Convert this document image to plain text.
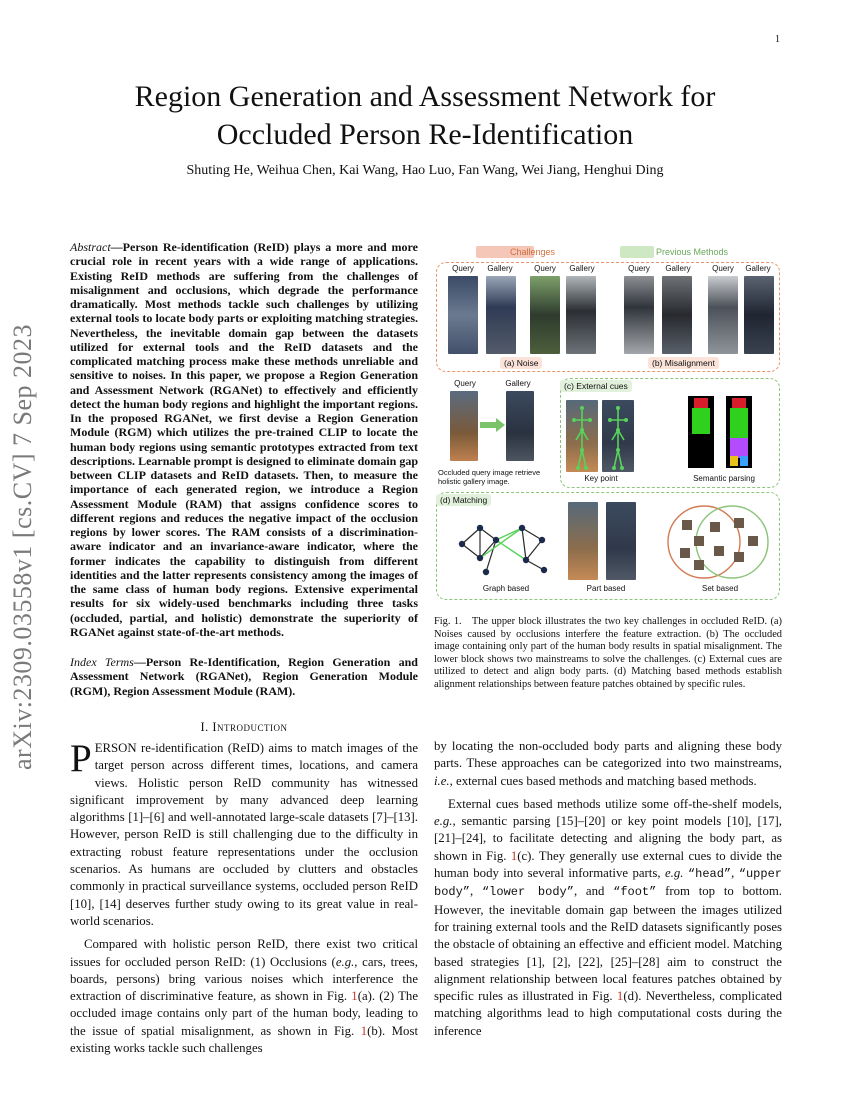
1
arXiv:2309.03558v1 [cs.CV] 7 Sep 2023
Region Generation and Assessment Network for
Occluded Person Re-Identification
Shuting He, Weihua Chen, Kai Wang, Hao Luo, Fan Wang, Wei Jiang, Henghui Ding
Abstract—Person Re-identification (ReID) plays a more and more crucial role in recent years with a wide range of applications. Existing ReID methods are suffering from the challenges of misalignment and occlusions, which degrade the performance dramatically. Most methods tackle such challenges by utilizing external tools to locate body parts or exploiting matching strategies. Nevertheless, the inevitable domain gap between the datasets utilized for external tools and the ReID datasets and the complicated matching process make these methods unreliable and sensitive to noises. In this paper, we propose a Region Generation and Assessment Network (RGANet) to effectively and efficiently detect the human body regions and highlight the important regions. In the proposed RGANet, we first devise a Region Generation Module (RGM) which utilizes the pre-trained CLIP to locate the human body regions using semantic prototypes extracted from text descriptions. Learnable prompt is designed to eliminate domain gap between CLIP datasets and ReID datasets. Then, to measure the importance of each generated region, we introduce a Region Assessment Module (RAM) that assigns confidence scores to different regions and reduces the negative impact of the occlusion regions by lower scores. The RAM consists of a discrimination-aware indicator and an invariance-aware indicator, where the former indicates the capability to distinguish from different identities and the latter represents consistency among the images of the same class of human body regions. Extensive experimental results for six widely-used benchmarks including three tasks (occluded, partial, and holistic) demonstrate the superiority of RGANet against state-of-the-art methods.
Index Terms—Person Re-Identification, Region Generation and Assessment Network (RGANet), Region Generation Module (RGM), Region Assessment Module (RAM).
I. Introduction

PERSON re-identification (ReID) aims to match images of the target person across different times, locations, and camera views. Holistic person ReID community has witnessed significant improvement by many advanced deep learning algorithms [1]–[6] and well-annotated large-scale datasets [7]–[13]. However, person ReID is still challenging due to the difficulty in extracting robust feature representations under the occlusion scenarios. As humans are occluded by clutters and obstacles commonly in practical surveillance systems, occluded person ReID [10], [14] deserves further study owing to its great value in real-world scenarios.

Compared with holistic person ReID, there exist two critical issues for occluded person ReID: (1) Occlusions (e.g., cars, trees, boards, persons) bring various noises which interference the extraction of discriminative feature, as shown in Fig. 1(a). (2) The occluded image contains only part of the human body, leading to the issue of spatial misalignment, as shown in Fig. 1(b). Most existing works tackle such challenges

by locating the non-occluded body parts and aligning these body parts. These approaches can be categorized into two mainstreams, i.e., external cues based methods and matching based methods.

External cues based methods utilize some off-the-shelf models, e.g., semantic parsing [15]–[20] or key point models [10], [17], [21]–[24], to facilitate detecting and aligning the body part, as shown in Fig. 1(c). They generally use external cues to divide the human body into several informative parts, e.g. “head”, “upper body”, “lower body”, and “foot” from top to bottom. However, the inevitable domain gap between the images utilized for training external tools and the ReID datasets significantly poses the obstacle of obtaining an effective and efficient model. Matching based strategies [1], [2], [22], [25]–[28] aim to construct the alignment relationship between local features patches obtained by specific rules as illustrated in Fig. 1(d). Nevertheless, complicated matching algorithms lead to high computational costs during the inference

Challenges	Previous Methods
Query	Gallery	Query	Gallery	Query	Gallery	Query	Gallery
(a) Noise	(b) Misalignment
Query	Gallery
Occluded query image retrieve holistic gallery image.
(c) External cues
Key point	Semantic parsing
(d) Matching
Graph based	Part based	Set based
Fig. 1. The upper block illustrates the two key challenges in occluded ReID. (a) Noises caused by occlusions interfere the feature extraction. (b) The occluded image containing only part of the human body results in spatial misalignment. The lower block shows two mainstreams to solve the challenges. (c) External cues are utilized to detect and align body parts. (d) Matching based methods establish alignment relationships between feature patches obtained by specific rules.
